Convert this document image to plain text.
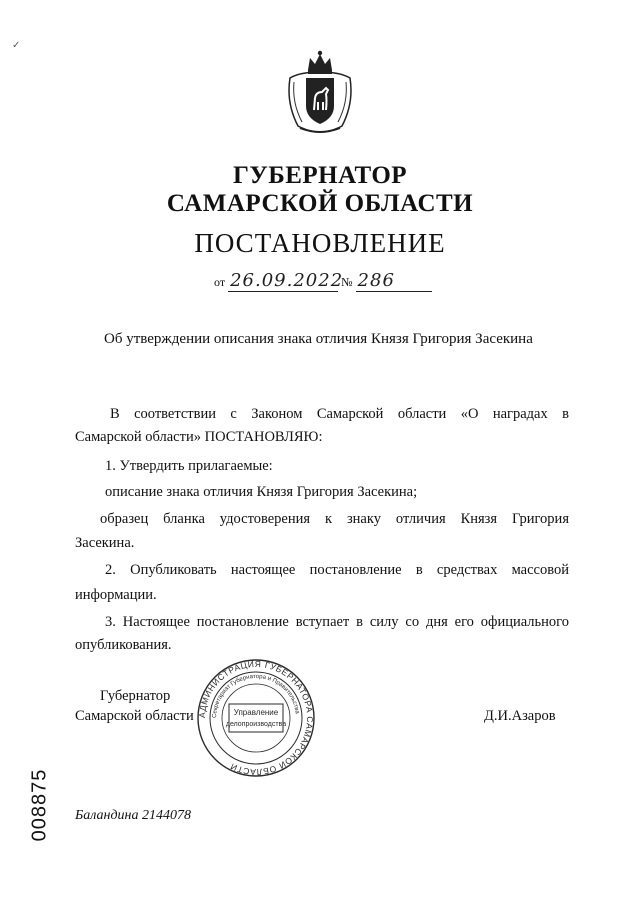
✓
ГУБЕРНАТОР
САМАРСКОЙ ОБЛАСТИ
ПОСТАНОВЛЕНИЕ
от 26.09.2022 № 286
Об утверждении описания знака отличия Князя Григория Засекина
В соответствии с Законом Самарской области «О наградах в
Самарской области» ПОСТАНОВЛЯЮ:
1. Утвердить прилагаемые:
описание знака отличия Князя Григория Засекина;
образец бланка удостоверения к знаку отличия Князя Григория
Засекина.
2. Опубликовать настоящее постановление в средствах массовой
информации.
3. Настоящее постановление вступает в силу со дня его официального
опубликования.
Губернатор
Самарской области	Д.И.Азаров
АДМИНИСТРАЦИЯ ГУБЕРНАТОРА САМАРСКОЙ ОБЛАСТИ
Секретариат Губернатора и Правительства
Управление
делопроизводства
008875 Баландина 2144078
